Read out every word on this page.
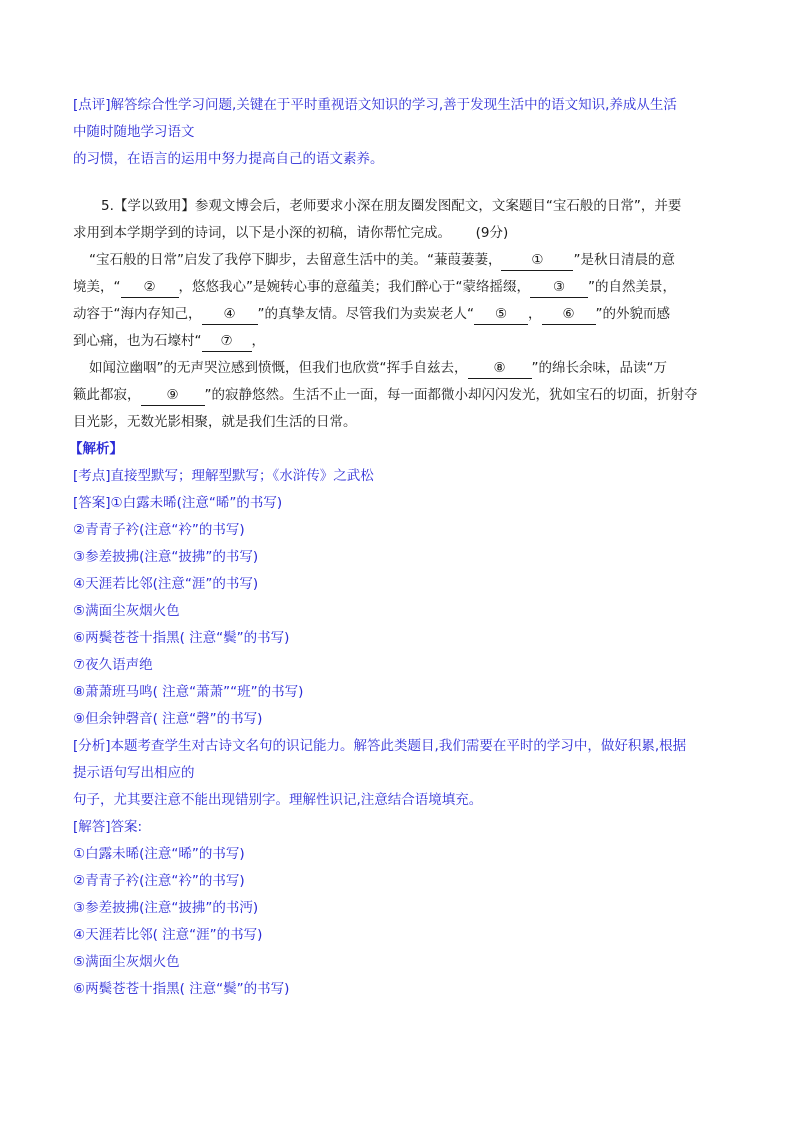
[点评]解答综合性学习问题,关键在于平时重视语文知识的学习,善于发现生活中的语文知识,养成从生活
中随时随地学习语文
的习惯，在语言的运用中努力提高自己的语文素养。
5.【学以致用】参观文博会后，老师要求小深在朋友圈发图配文，文案题目“宝石般的日常”，并要
求用到本学期学到的诗词，以下是小深的初稿，请你帮忙完成。 (9分)
“宝石般的日常”启发了我停下脚步，去留意生活中的美。“蒹葭萋萋， ① ”是秋日清晨的意
境美，“ ② ，悠悠我心”是婉转心事的意蕴美；我们醉心于“蒙络摇缀， ③ ”的自然美景，
动容于“海内存知己， ④ ”的真挚友情。尽管我们为卖炭老人“ ⑤ ， ⑥ ”的外貌而感
到心痛，也为石壕村“ ⑦ ，
如闻泣幽咽”的无声哭泣感到愤慨，但我们也欣赏“挥手自兹去， ⑧ ”的绵长余味，品读“万
籁此都寂， ⑨ ”的寂静悠然。生活不止一面，每一面都微小却闪闪发光，犹如宝石的切面，折射夺
目光影，无数光影相聚，就是我们生活的日常。
【解析】
[考点]直接型默写；理解型默写；《水浒传》之武松
[答案]①白露未晞(注意“晞”的书写)
②青青子衿(注意“衿”的书写)
③参差披拂(注意“披拂”的书写)
④天涯若比邻(注意“涯”的书写)
⑤满面尘灰烟火色
⑥两鬓苍苍十指黑( 注意“鬓”的书写)
⑦夜久语声绝
⑧萧萧班马鸣( 注意“萧萧”“班”的书写)
⑨但余钟磬音( 注意“磬”的书写)
[分析]本题考查学生对古诗文名句的识记能力。解答此类题目,我们需要在平时的学习中，做好积累,根据
提示语句写出相应的
句子，尤其要注意不能出现错别字。理解性识记,注意结合语境填充。
[解答]答案:
①白露未晞(注意“晞”的书写)
②青青子衿(注意“衿”的书写)
③参差披拂(注意“披拂”的书沔)
④天涯若比邻( 注意“涯”的书写)
⑤满面尘灰烟火色
⑥两鬓苍苍十指黑( 注意“鬓”的书写)
